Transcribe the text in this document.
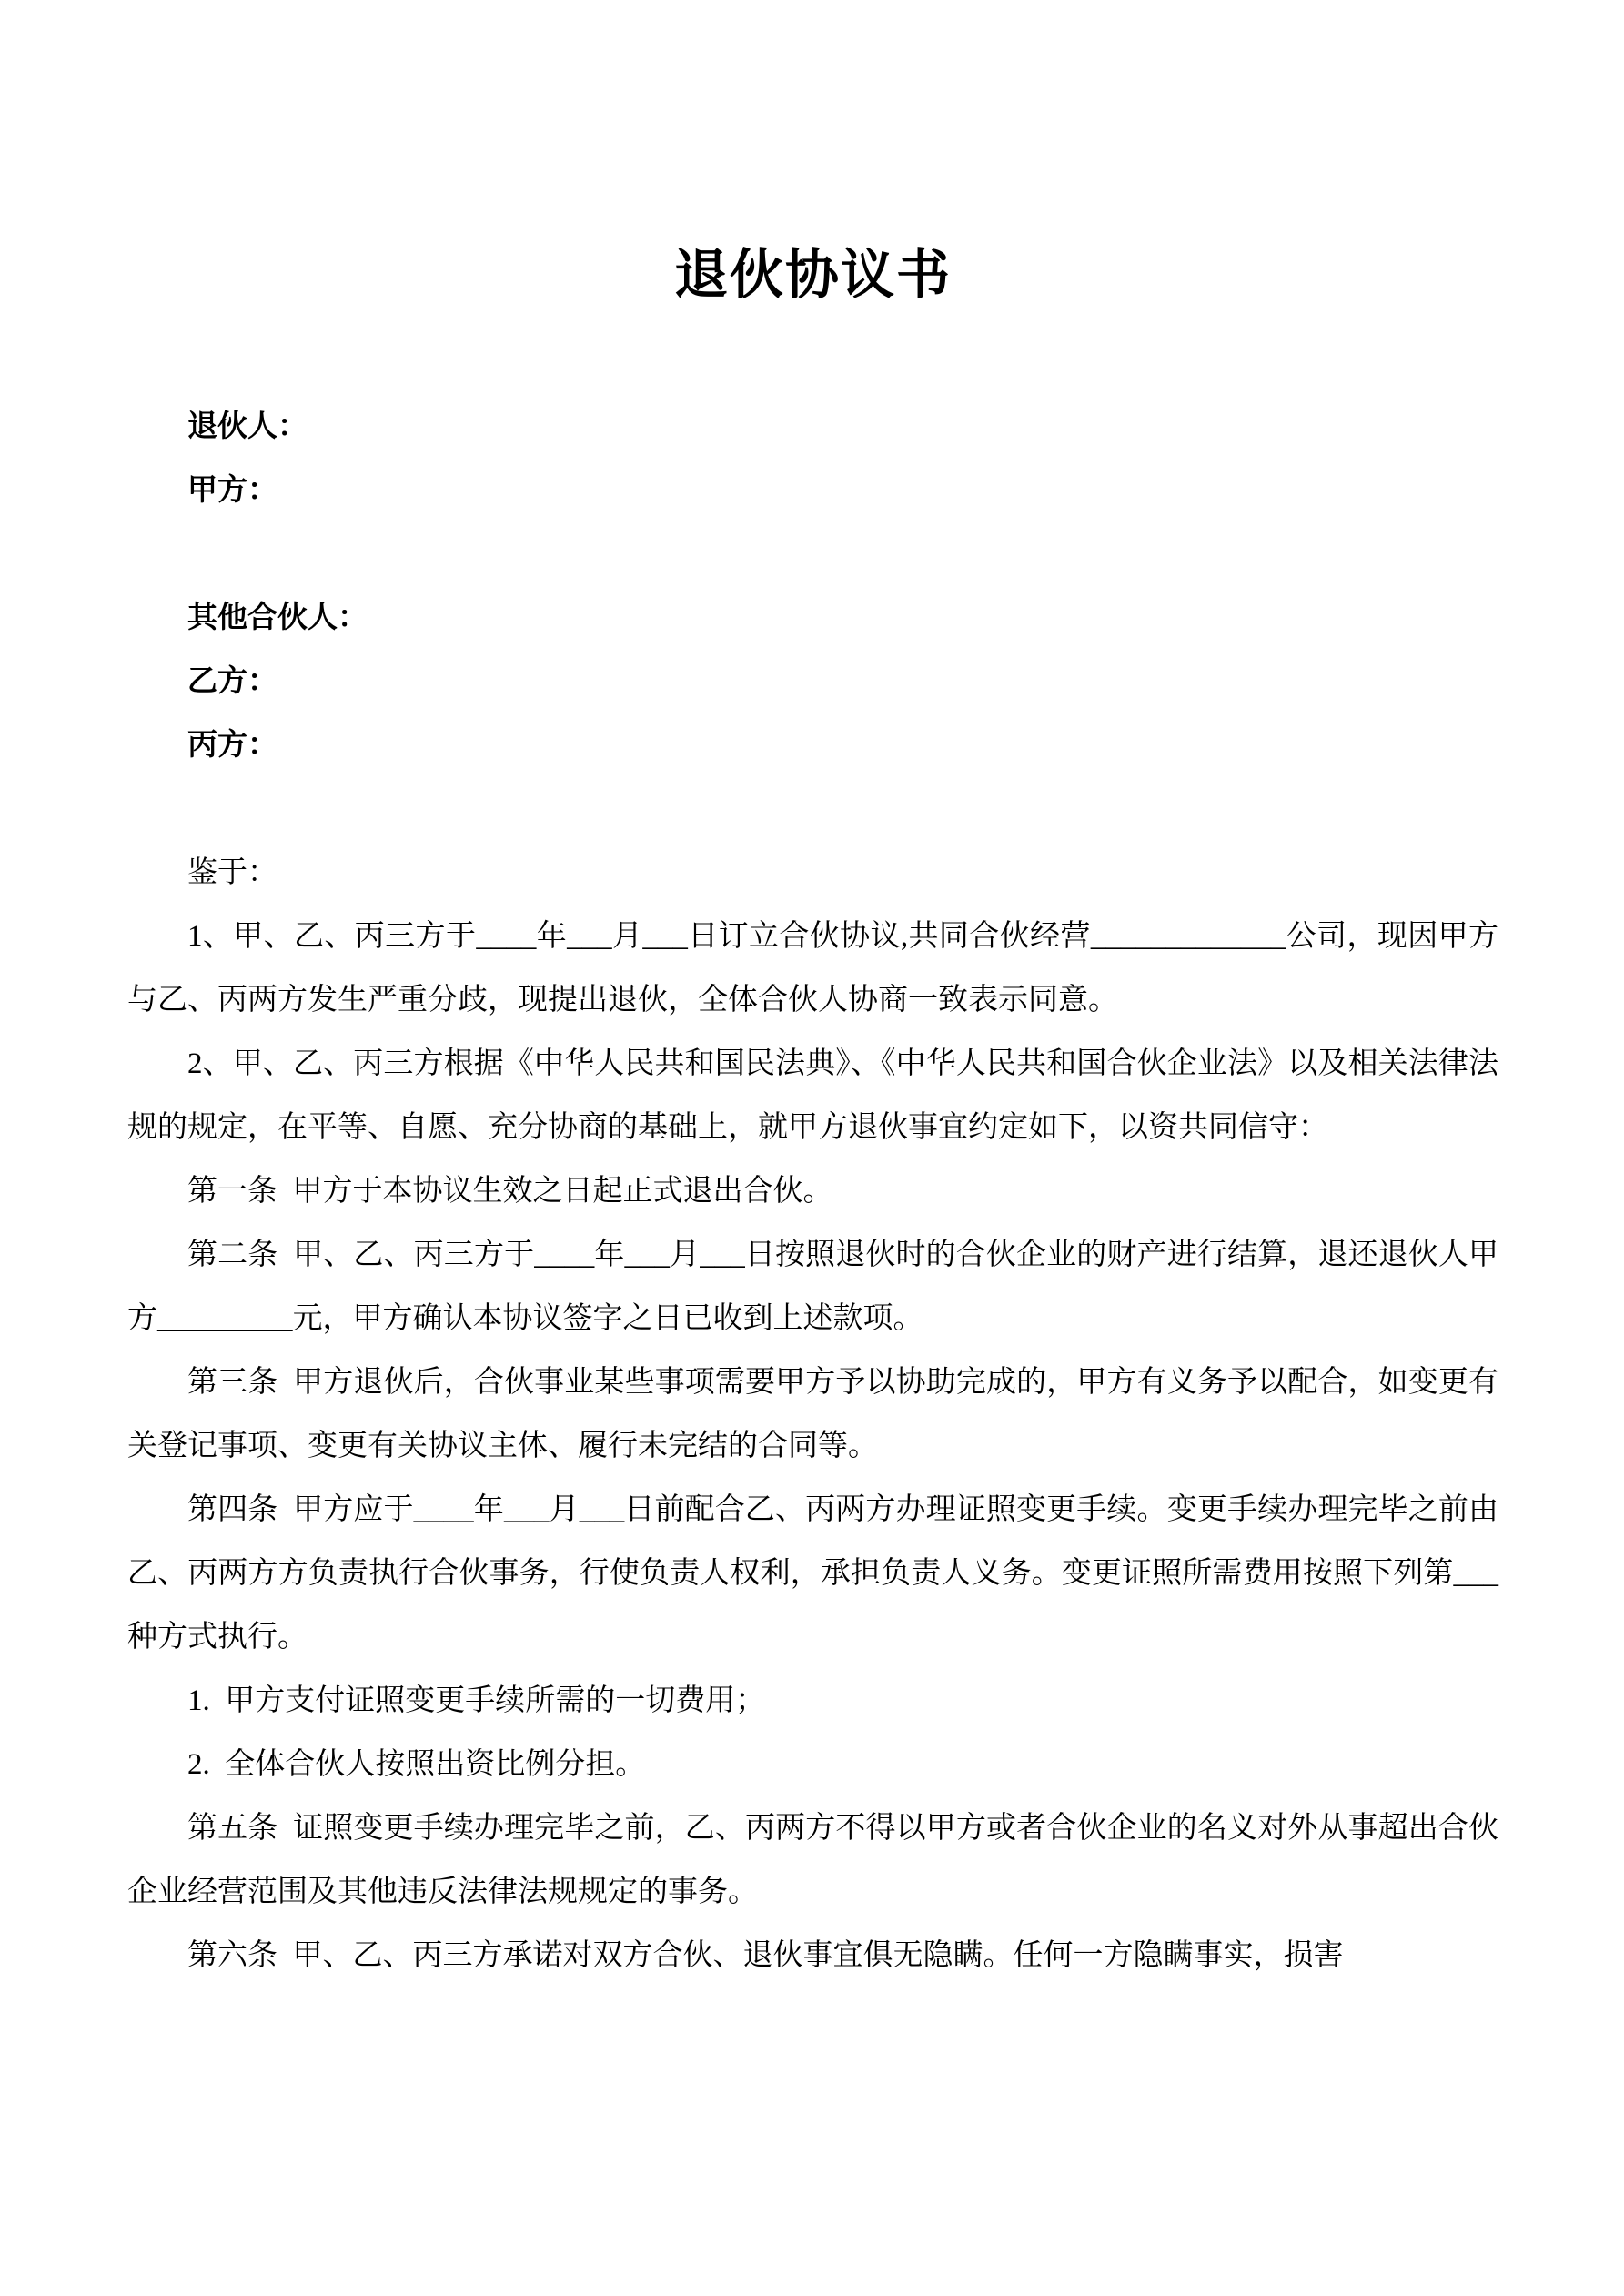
退伙协议书

退伙人：

甲方：

其他合伙人：

乙方：

丙方：

鉴于：

1、甲、乙、丙三方于____年___月___日订立合伙协议,共同合伙经营_____________公司，现因甲方与乙、丙两方发生严重分歧，现提出退伙，全体合伙人协商一致表示同意。

2、甲、乙、丙三方根据《中华人民共和国民法典》、《中华人民共和国合伙企业法》以及相关法律法规的规定，在平等、自愿、充分协商的基础上，就甲方退伙事宜约定如下，以资共同信守：

第一条  甲方于本协议生效之日起正式退出合伙。

第二条  甲、乙、丙三方于____年___月___日按照退伙时的合伙企业的财产进行结算，退还退伙人甲方_________元，甲方确认本协议签字之日已收到上述款项。

第三条  甲方退伙后，合伙事业某些事项需要甲方予以协助完成的，甲方有义务予以配合，如变更有关登记事项、变更有关协议主体、履行未完结的合同等。

第四条  甲方应于____年___月___日前配合乙、丙两方办理证照变更手续。变更手续办理完毕之前由乙、丙两方方负责执行合伙事务，行使负责人权利，承担负责人义务。变更证照所需费用按照下列第___种方式执行。

1.  甲方支付证照变更手续所需的一切费用；

2.  全体合伙人按照出资比例分担。

第五条  证照变更手续办理完毕之前，乙、丙两方不得以甲方或者合伙企业的名义对外从事超出合伙企业经营范围及其他违反法律法规规定的事务。

第六条  甲、乙、丙三方承诺对双方合伙、退伙事宜俱无隐瞒。任何一方隐瞒事实，损害
